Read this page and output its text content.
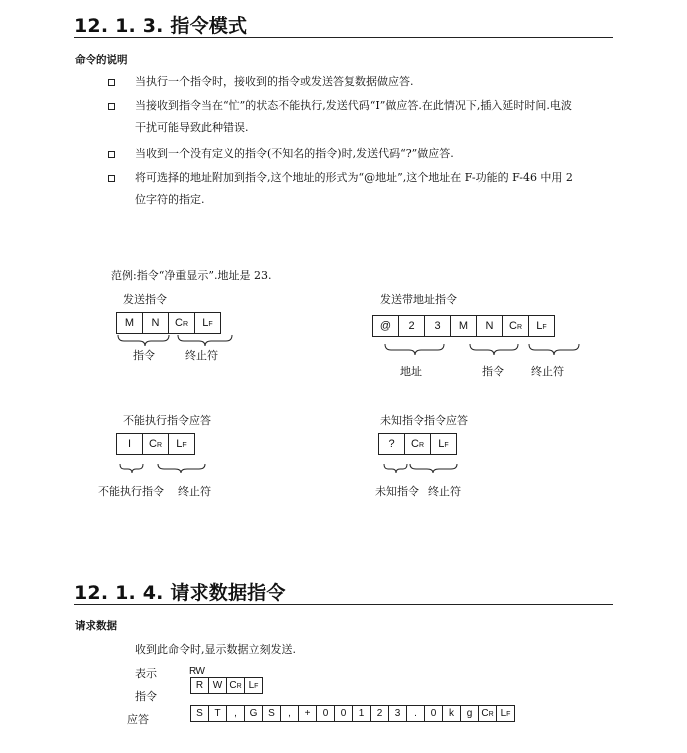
12. 1. 3. 指令模式
命令的说明
当执行一个指令时，接收到的指令或发送答复数据做应答.
当接收到指令当在“忙”的状态不能执行,发送代码“I”做应答.在此情况下,插入延时时间.电波
干扰可能导致此种错误.
当收到一个没有定义的指令(不知名的指令)时,发送代码“?”做应答.
将可选择的地址附加到指令,这个地址的形式为“@地址”,这个地址在 F-功能的 F-46 中用 2
位字符的指定.
范例:指令“净重显示”.地址是 23.
发送指令
M N C R L F
指令	终止符
发送带地址指令
@ 2 3 M N C R L F
地址	指令 终止符
不能执行指令应答
I C R L F
不能执行指令 终止符
未知指令指令应答
? C R L F
未知指令 终止符
12. 1. 4. 请求数据指令
请求数据
收到此命令时,显示数据立刻发送.
表示
指令
应答
RW
R W C R L F
S T , G S , + 0 0 1 2 3 . 0 k g C R L F
